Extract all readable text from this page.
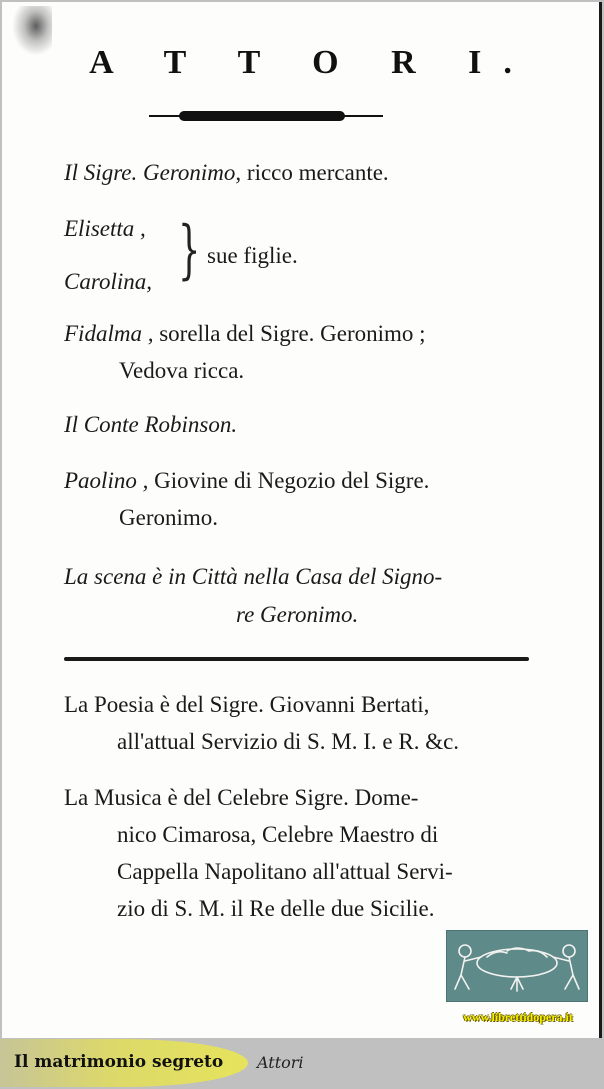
A T T O R I.
Il Sigre. Geronimo, ricco mercante.
Elisetta ,
Carolina, } sue figlie.
Fidalma , sorella del Sigre. Geronimo ;
Vedova ricca.
Il Conte Robinson.
Paolino , Giovine di Negozio del Sigre.
Geronimo.
La scena è in Città nella Casa del Signo-
re Geronimo.
La Poesia è del Sigre. Giovanni Bertati,
all'attual Servizio di S. M. I. e R. &c.
La Musica è del Celebre Sigre. Dome-
nico Cimarosa, Celebre Maestro di
Cappella Napolitano all'attual Servi-
zio di S. M. il Re delle due Sicilie.
www.librettidopera.it
Il matrimonio segreto Attori
